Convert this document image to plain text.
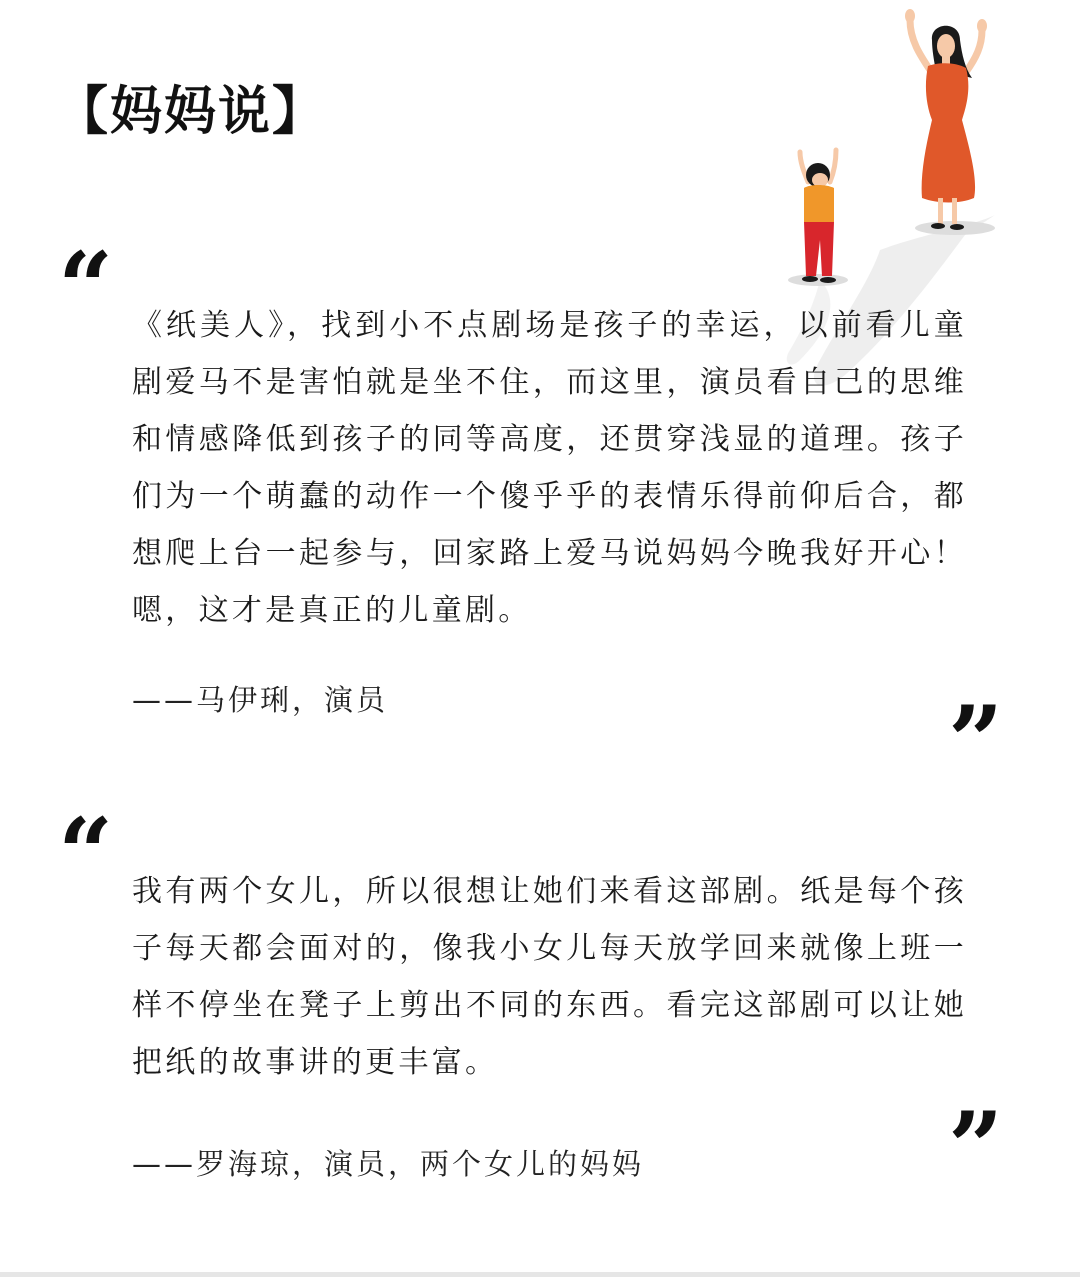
【妈妈说】
“ 《纸美人》，找到小不点剧场是孩子的幸运，以前看儿童剧爱马不是害怕就是坐不住，而这里，演员看自己的思维和情感降低到孩子的同等高度，还贯穿浅显的道理。孩子们为一个萌蠢的动作一个傻乎乎的表情乐得前仰后合，都想爬上台一起参与，回家路上爱马说妈妈今晚我好开心！嗯，这才是真正的儿童剧。

——马伊琍，演员	”
“ 我有两个女儿，所以很想让她们来看这部剧。纸是每个孩子每天都会面对的，像我小女儿每天放学回来就像上班一样不停坐在凳子上剪出不同的东西。看完这部剧可以让她把纸的故事讲的更丰富。

”
——罗海琼，演员，两个女儿的妈妈
